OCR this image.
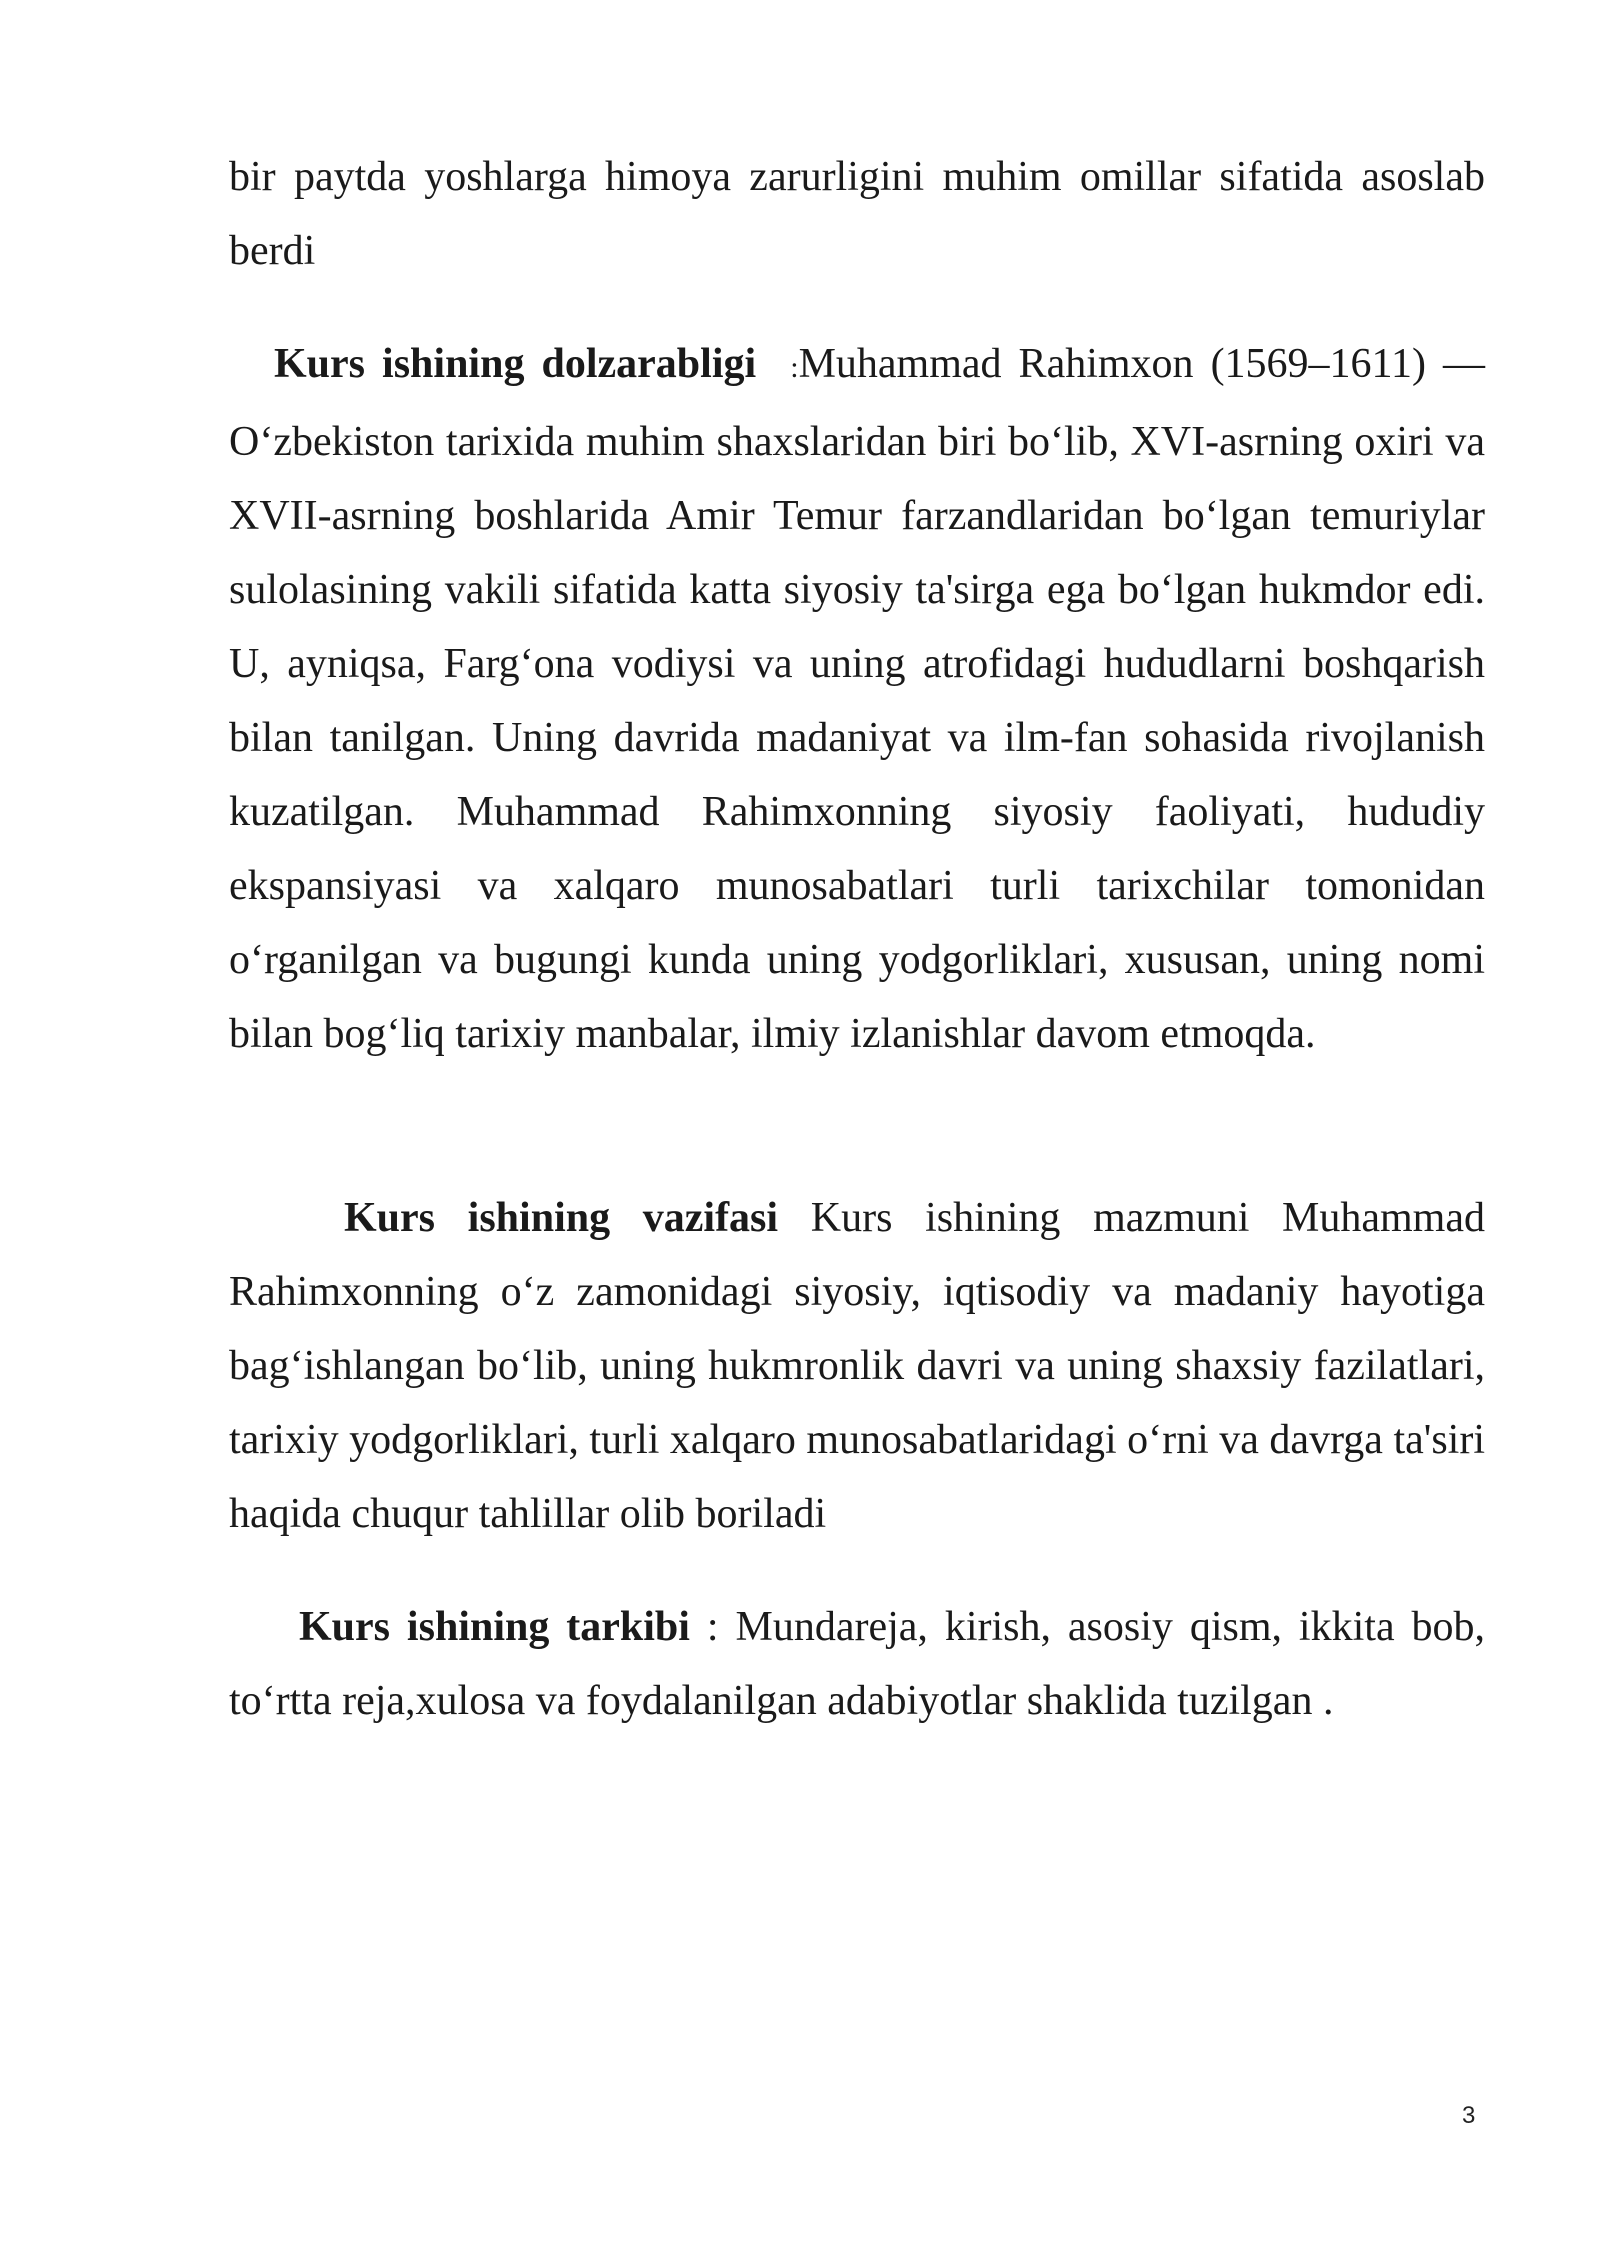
bir paytda yoshlarga himoya zarurligini muhim omillar sifatida asoslab berdi

Kurs ishining dolzarabligi :Muhammad Rahimxon (1569–1611) — O‘zbekiston tarixida muhim shaxslaridan biri bo‘lib, XVI-asrning oxiri va XVII-asrning boshlarida Amir Temur farzandlaridan bo‘lgan temuriylar sulolasining vakili sifatida katta siyosiy ta'sirga ega bo‘lgan hukmdor edi. U, ayniqsa, Farg‘ona vodiysi va uning atrofidagi hududlarni boshqarish bilan tanilgan. Uning davrida madaniyat va ilm-fan sohasida rivojlanish kuzatilgan. Muhammad Rahimxonning siyosiy faoliyati, hududiy ekspansiyasi va xalqaro munosabatlari turli tarixchilar tomonidan o‘rganilgan va bugungi kunda uning yodgorliklari, xususan, uning nomi bilan bog‘liq tarixiy manbalar, ilmiy izlanishlar davom etmoqda.

Kurs ishining vazifasi Kurs ishining mazmuni Muhammad Rahimxonning o‘z zamonidagi siyosiy, iqtisodiy va madaniy hayotiga bag‘ishlangan bo‘lib, uning hukmronlik davri va uning shaxsiy fazilatlari, tarixiy yodgorliklari, turli xalqaro munosabatlaridagi o‘rni va davrga ta'siri haqida chuqur tahlillar olib boriladi

Kurs ishining tarkibi : Mundareja, kirish, asosiy qism, ikkita bob, to‘rtta reja,xulosa va foydalanilgan adabiyotlar shaklida tuzilgan .

3
